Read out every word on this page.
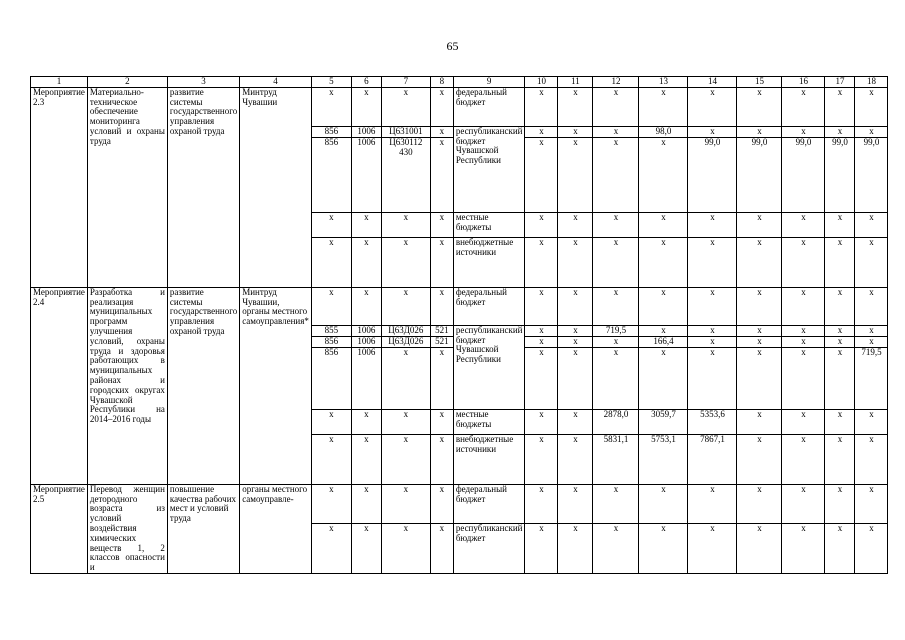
65
1	2	3	4	5	6	7	8	9	10	11	12	13	14	15	16	17	18
Мероприятие 2.3	Материально-техническое обеспечение мониторинга условий и охраны труда	развитие системы государственного управления охраной труда	Минтруд Чувашии	х	х	х	х	федеральный бюджет	х	х	х	х	х	х	х	х	х
				856	1006	Ц631001	х	республиканский бюджет Чувашской Республики	х	х	х	98,0	х	х	х	х	х
				856	1006	Ц630112 430	х		х	х	х	х	99,0	99,0	99,0	99,0	99,0
				х	х	х	х	местные бюджеты	х	х	х	х	х	х	х	х	х
				х	х	х	х	внебюджетные источники	х	х	х	х	х	х	х	х	х
Мероприятие 2.4	Разработка и реализация муниципальных программ улучшения условий, охраны труда и здоровья работающих в муниципальных районах и городских округах Чувашской Республики на 2014–2016 годы	развитие системы государственного управления охраной труда	Минтруд Чувашии, органы местного самоуправления*	х	х	х	х	федеральный бюджет	х	х	х	х	х	х	х	х	х
				855	1006	Ц63Д026	521	республиканский бюджет Чувашской Республики	х	х	719,5	х	х	х	х	х	х
				856	1006	Ц63Д026	521		х	х	х	166,4	х	х	х	х	х
				856	1006	х	х		х	х	х	х	х	х	х	х	719,5
				х	х	х	х	местные бюджеты	х	х	2878,0	3059,7	5353,6	х	х	х	х
				х	х	х	х	внебюджетные источники	х	х	5831,1	5753,1	7867,1	х	х	х	х
Мероприятие 2.5	Перевод женщин детородного возраста из условий воздействия химических веществ 1, 2 классов опасности и	повышение качества рабочих мест и условий труда	органы местного самоуправле-	х	х	х	х	федеральный бюджет	х	х	х	х	х	х	х	х	х
				х	х	х	х	республиканский бюджет	х	х	х	х	х	х	х	х	х
